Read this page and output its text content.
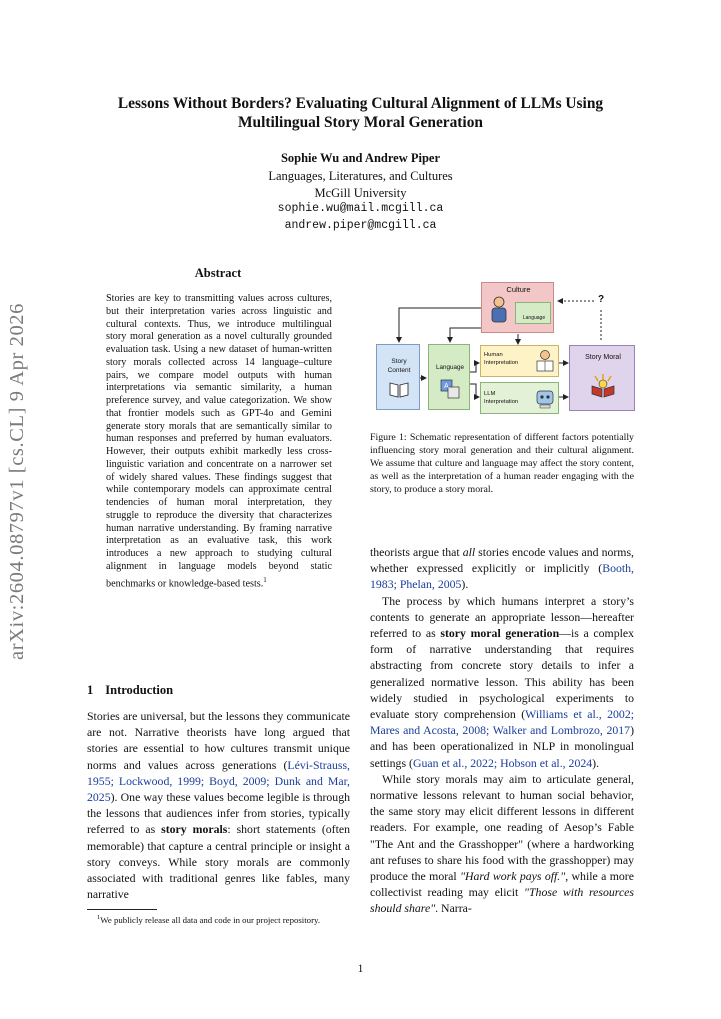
arXiv:2604.08797v1 [cs.CL] 9 Apr 2026
Lessons Without Borders? Evaluating Cultural Alignment of LLMs Using
Multilingual Story Moral Generation
Sophie Wu and Andrew Piper
Languages, Literatures, and Cultures
McGill University
sophie.wu@mail.mcgill.ca
andrew.piper@mcgill.ca
Abstract
Stories are key to transmitting values across cultures, but their interpretation varies across linguistic and cultural contexts. Thus, we introduce multilingual story moral generation as a novel culturally grounded evaluation task. Using a new dataset of human-written story morals collected across 14 language–culture pairs, we compare model outputs with human interpretations via semantic similarity, a human preference survey, and value categorization. We show that frontier models such as GPT-4o and Gemini generate story morals that are semantically similar to human responses and preferred by human evaluators. However, their outputs exhibit markedly less cross-linguistic variation and concentrate on a narrower set of widely shared values. These findings suggest that while contemporary models can approximate central tendencies of human moral interpretation, they struggle to reproduce the diversity that characterizes human narrative understanding. By framing narrative interpretation as an evaluative task, this work introduces a new approach to studying cultural alignment in language models beyond static benchmarks or knowledge-based tests.$^1$
1 Introduction

Stories are universal, but the lessons they communicate are not. Narrative theorists have long argued that stories are essential to how cultures transmit unique norms and values across generations (Lévi-Strauss, 1955; Lockwood, 1999; Boyd, 2009; Dunk and Mar, 2025). One way these values become legible is through the lessons that audiences infer from stories, typically referred to as story morals: short statements (often memorable) that capture a central principle or insight a story conveys. While story morals are commonly associated with traditional genres like fables, many narrative

$^1$We publicly release all data and code in our project repository.
Culture
Language
?
Story
Content	Language
A
Human
Interpretation
LLM
Interpretation
Story Moral
Figure 1: Schematic representation of different factors potentially influencing story moral generation and their cultural alignment. We assume that culture and language may affect the story content, as well as the interpretation of a human reader engaging with the story, to produce a story moral.

theorists argue that all stories encode values and norms, whether expressed explicitly or implicitly (Booth, 1983; Phelan, 2005).

The process by which humans interpret a story’s contents to generate an appropriate lesson—hereafter referred to as story moral generation—is a complex form of narrative understanding that requires abstracting from concrete story details to infer a generalized normative lesson. This ability has been widely studied in psychological experiments to evaluate story comprehension (Williams et al., 2002; Mares and Acosta, 2008; Walker and Lombrozo, 2017) and has been operationalized in NLP in monolingual settings (Guan et al., 2022; Hobson et al., 2024).

While story morals may aim to articulate general, normative lessons relevant to human social behavior, the same story may elicit different lessons in different readers. For example, one reading of Aesop’s Fable "The Ant and the Grasshopper" (where a hardworking ant refuses to share his food with the grasshopper) may produce the moral "Hard work pays off.", while a more collectivist reading may elicit "Those with resources should share". Narra-

1
